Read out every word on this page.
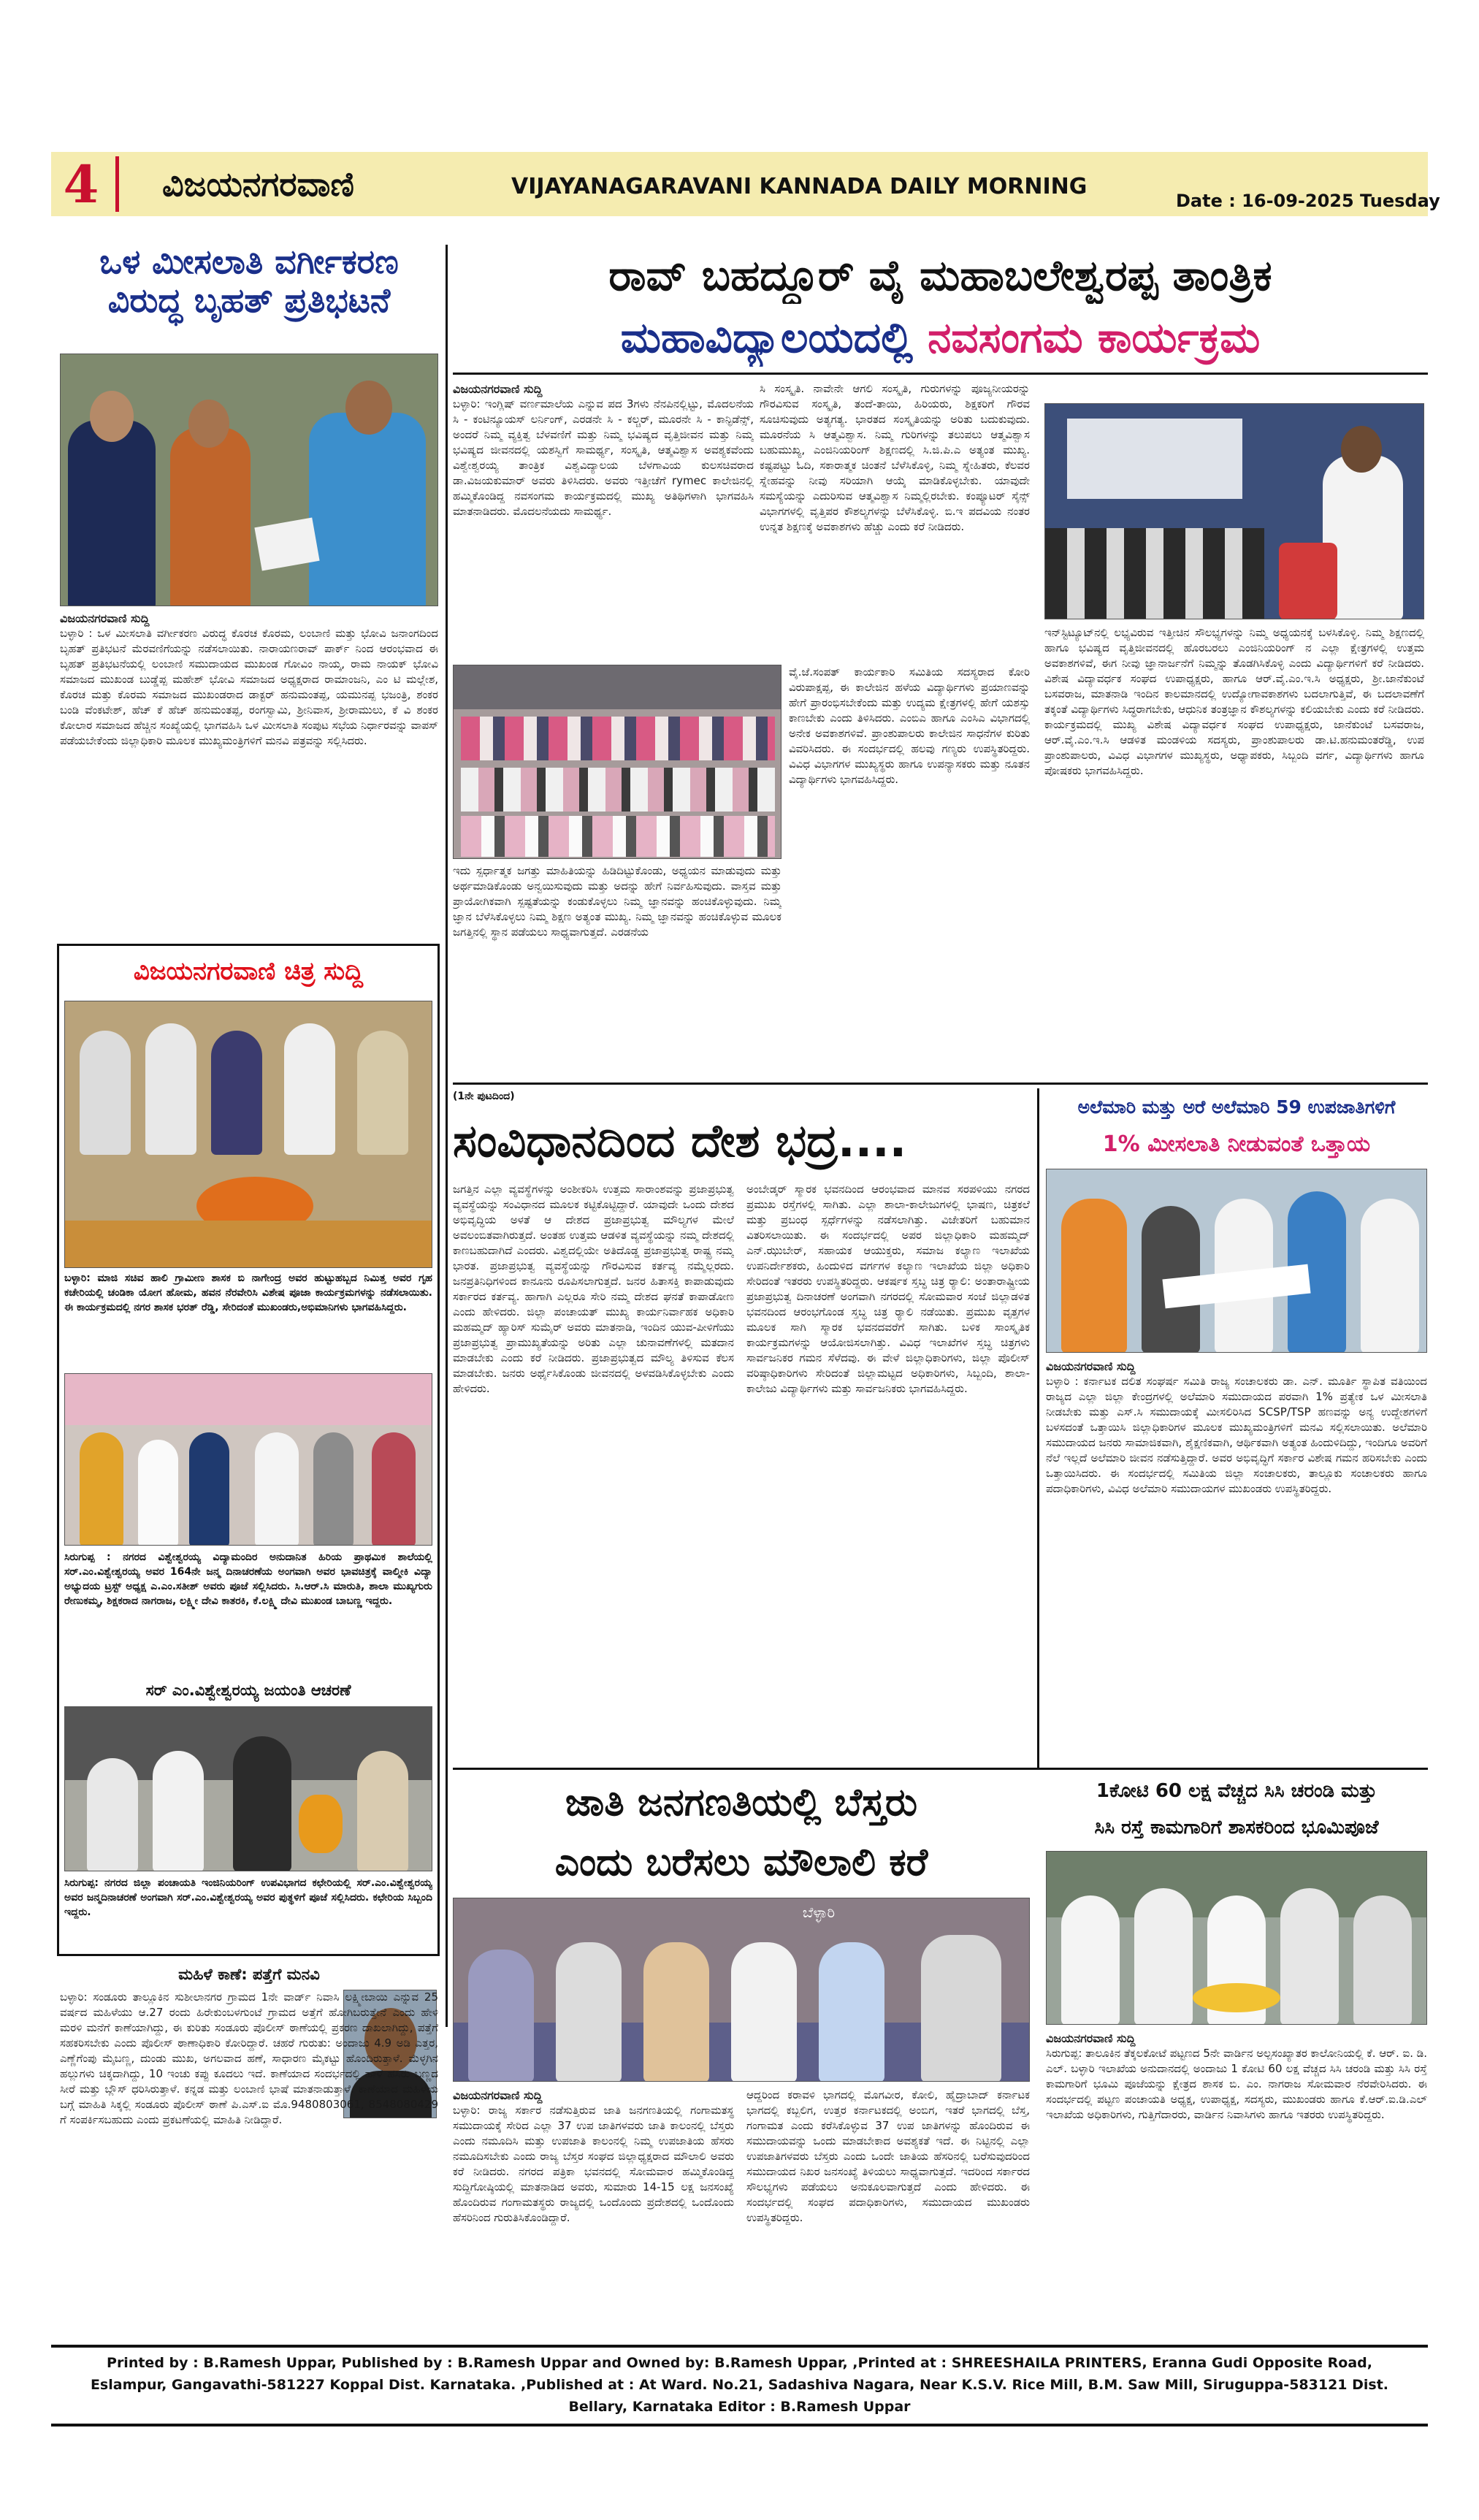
4 ವಿಜಯನಗರವಾಣಿ	VIJAYANAGARAVANI KANNADA DAILY MORNING
Date : 16-09-2025 Tuesday
ಒಳ ಮೀಸಲಾತಿ ವರ್ಗೀಕರಣ ವಿರುದ್ಧ ಬೃಹತ್ ಪ್ರತಿಭಟನೆ
ವಿಜಯನಗರವಾಣಿ ಸುದ್ದಿ

ಬಳ್ಳಾರಿ : ಒಳ ಮೀಸಲಾತಿ ವರ್ಗೀಕರಣ ವಿರುದ್ಧ ಕೊರಚ ಕೊರಮ, ಲಂಬಾಣಿ ಮತ್ತು ಭೋವಿ ಜನಾಂಗದಿಂದ ಬೃಹತ್ ಪ್ರತಿಭಟನೆ ಮೆರವಣಿಗೆಯನ್ನು ನಡೆಸಲಾಯಿತು. ನಾರಾಯಣರಾವ್ ಪಾರ್ಕ್ ನಿಂದ ಆರಂಭವಾದ ಈ ಬೃಹತ್ ಪ್ರತಿಭಟನೆಯಲ್ಲಿ ಲಂಬಾಣಿ ಸಮುದಾಯದ ಮುಖಂಡ ಗೋವಿಂ ನಾಯ್ಕ, ರಾಮ ನಾಯಕ್ ಭೋವಿ ಸಮಾಜದ ಮುಖಂಡ ಬುಡ್ಡೆಪ್ಪ ಮಹೇಶ್ ಭೋವಿ ಸಮಾಜದ ಅಧ್ಯಕ್ಷರಾದ ರಾಮಾಂಜನಿ, ಎಂ ಟಿ ಮಲ್ಲೇಶ, ಕೊರಚ ಮತ್ತು ಕೊರಮ ಸಮಾಜದ ಮುಖಂಡರಾದ ಡಾಕ್ಟರ್ ಹನುಮಂತಪ್ಪ, ಯಮುನಪ್ಪ ಭಜಂತ್ರಿ, ಶಂಕರ ಬಂಡಿ ವೆಂಕಟೇಶ್, ಹೆಚ್ ಕೆ ಹೆಚ್ ಹನುಮಂತಪ್ಪ, ರಂಗಸ್ವಾಮಿ, ಶ್ರೀನಿವಾಸ, ಶ್ರೀರಾಮುಲು, ಕೆ ವಿ ಶಂಕರ ಕೋಲಾರ ಸಮಾಜದ ಹೆಚ್ಚಿನ ಸಂಖ್ಯೆಯಲ್ಲಿ ಭಾಗವಹಿಸಿ ಒಳ ಮೀಸಲಾತಿ ಸಂಪುಟ ಸಭೆಯ ನಿರ್ಧಾರವನ್ನು ವಾಪಸ್ ಪಡೆಯಬೇಕೆಂದು ಜಿಲ್ಲಾಧಿಕಾರಿ ಮೂಲಕ ಮುಖ್ಯಮಂತ್ರಿಗಳಿಗೆ ಮನವಿ ಪತ್ರವನ್ನು ಸಲ್ಲಿಸಿದರು.

ವಿಜಯನಗರವಾಣಿ ಚಿತ್ರ ಸುದ್ದಿ
ಬಳ್ಳಾರಿ: ಮಾಜಿ ಸಚಿವ ಹಾಲಿ ಗ್ರಾಮೀಣ ಶಾಸಕ ಬಿ ನಾಗೇಂದ್ರ ಅವರ ಹುಟ್ಟುಹಬ್ಬದ ನಿಮಿತ್ತ ಅವರ ಗೃಹ ಕಚೇರಿಯಲ್ಲಿ ಚಂಡಿಕಾ ಯೋಗ ಹೋಮ, ಹವನ ನೆರವೇರಿಸಿ ವಿಶೇಷ ಪೂಜಾ ಕಾರ್ಯಕ್ರಮಗಳನ್ನು ನಡೆಸಲಾಯಿತು. ಈ ಕಾರ್ಯಕ್ರಮದಲ್ಲಿ ನಗರ ಶಾಸಕ ಭರತ್ ರೆಡ್ಡಿ, ಸೇರಿದಂತೆ ಮುಖಂಡರು,ಅಭಿಮಾನಿಗಳು ಭಾಗವಹಿಸಿದ್ದರು.
ಸಿರುಗುಪ್ಪ : ನಗರದ ವಿಶ್ವೇಶ್ವರಯ್ಯ ವಿದ್ಯಾಮಂದಿರ ಅನುದಾನಿತ ಹಿರಿಯ ಪ್ರಾಥಮಿಕ ಶಾಲೆಯಲ್ಲಿ ಸರ್.ಎಂ.ವಿಶ್ವೇಶ್ವರಯ್ಯ ಅವರ 164ನೇ ಜನ್ಮ ದಿನಾಚರಣೆಯ ಅಂಗವಾಗಿ ಅವರ ಭಾವಚಿತ್ರಕ್ಕೆ ವಾಲ್ಮೀಕಿ ವಿದ್ಯಾ ಅಭ್ಯುದಯ ಟ್ರಸ್ಟ್ ಅಧ್ಯಕ್ಷ ಎ.ಎಂ.ಸತೀಶ್ ಅವರು ಪೂಜೆ ಸಲ್ಲಿಸಿದರು. ಸಿ.ಆರ್.ಸಿ ಮಾರುತಿ, ಶಾಲಾ ಮುಖ್ಯಗುರು ರೇಣುಕಮ್ಮ, ಶಿಕ್ಷಕರಾದ ನಾಗರಾಜ, ಲಕ್ಷ್ಮೀ ದೇವಿ ಕಾತರಕಿ, ಕೆ.ಲಕ್ಷ್ಮಿ ದೇವಿ ಮುಖಂಡ ಬಾಬಣ್ಣ ಇದ್ದರು.
ಸರ್ ಎಂ.ವಿಶ್ವೇಶ್ವರಯ್ಯ ಜಯಂತಿ ಆಚರಣೆ
ಸಿರುಗುಪ್ಪ: ನಗರದ ಜಿಲ್ಲಾ ಪಂಚಾಯತಿ ಇಂಜಿನಿಯರಿಂಗ್ ಉಪವಿಭಾಗದ ಕಛೇರಿಯಲ್ಲಿ ಸರ್.ಎಂ.ವಿಶ್ವೇಶ್ವರಯ್ಯ ಅವರ ಜನ್ಮದಿನಾಚರಣೆ ಅಂಗವಾಗಿ ಸರ್.ಎಂ.ವಿಶ್ವೇಶ್ವರಯ್ಯ ಅವರ ಪುತ್ಥಳಿಗೆ ಪೂಜೆ ಸಲ್ಲಿಸಿದರು. ಕಛೇರಿಯ ಸಿಬ್ಬಂದಿ ಇದ್ದರು.
ಮಹಿಳೆ ಕಾಣೆ: ಪತ್ತೆಗೆ ಮನವಿ
ಬಳ್ಳಾರಿ: ಸಂಡೂರು ತಾಲ್ಲೂಕಿನ ಸುಶೀಲಾನಗರ ಗ್ರಾಮದ 1ನೇ ವಾರ್ಡ್ ನಿವಾಸಿ ಲಕ್ಷ್ಮೀಬಾಯಿ ಎನ್ನುವ 25 ವರ್ಷದ ಮಹಿಳೆಯು ಆ.27 ರಂದು ಹಿರೇಕುಂಬಳಗುಂಟೆ ಗ್ರಾಮದ ಅತ್ತೆಗೆ ಹೋಗಿಬರುತ್ತೇನೆ ಎಂದು ಹೇಳಿ ಮರಳಿ ಮನೆಗೆ ಕಾಣೆಯಾಗಿದ್ದು, ಈ ಕುರಿತು ಸಂಡೂರು ಪೊಲೀಸ್ ಠಾಣೆಯಲ್ಲಿ ಪ್ರಕರಣ ದಾಖಲಾಗಿದ್ದು, ಪತ್ತೆಗೆ ಸಹಕರಿಸಬೇಕು ಎಂದು ಪೊಲೀಸ್ ಠಾಣಾಧಿಕಾರಿ ಕೋರಿದ್ದಾರೆ. ಚಹರೆ ಗುರುತು: ಅಂದಾಜು 4.9 ಅಡಿ ಎತ್ತರ, ಎಣ್ಣೆಗೆಂಪು ಮೈಬಣ್ಣ, ದುಂಡು ಮುಖ, ಅಗಲವಾದ ಹಣೆ, ಸಾಧಾರಣ ಮೈಕಟ್ಟು ಹೊಂದಿರುತ್ತಾಳೆ. ಮೆಳ್ಳಗಿನ ಹಲ್ಲುಗಳು ಚಿಕ್ಕದಾಗಿದ್ದು, 10 ಇಂಚು ಕಪ್ಪು ಕೂದಲು ಇದೆ. ಕಾಣೆಯಾದ ಸಂದರ್ಭದಲ್ಲಿ ಹಾಳೆ ಹಸಿರು ಬಣ್ಣದ ಸೀರೆ ಮತ್ತು ಬ್ಲೌಸ್ ಧರಿಸಿರುತ್ತಾಳೆ. ಕನ್ನಡ ಮತ್ತು ಲಂಬಾಣಿ ಭಾಷೆ ಮಾತನಾಡುತ್ತಾಳೆ. ಕಾಣೆಯಾದ ಮಹಿಳೆಯ ಬಗ್ಗೆ ಮಾಹಿತಿ ಸಿಕ್ಕಲ್ಲಿ ಸಂಡೂರು ಪೊಲೀಸ್ ಠಾಣೆ ಪಿ.ಎಸ್.ಐ ಮೊ.9480803061, 8548080429 ಗೆ ಸಂಪರ್ಕಿಸಬಹುದು ಎಂದು ಪ್ರಕಟಣೆಯಲ್ಲಿ ಮಾಹಿತಿ ನೀಡಿದ್ದಾರೆ.
ರಾವ್ ಬಹದ್ದೂರ್ ವೈ ಮಹಾಬಲೇಶ್ವರಪ್ಪ ತಾಂತ್ರಿಕ
ಮಹಾವಿದ್ಯಾಲಯದಲ್ಲಿ ನವಸಂಗಮ ಕಾರ್ಯಕ್ರಮ
ವಿಜಯನಗರವಾಣಿ ಸುದ್ದಿ

ಬಳ್ಳಾರಿ: ಇಂಗ್ಲಿಷ್ ವರ್ಣಮಾಲೆಯ ಎನ್ನುವ ಪದ 3ಗಳು ನೆನಪಿನಲ್ಲಿಟ್ಟು, ಮೊದಲನೆಯ ಸಿ - ಕಂಟಿನ್ಯೂಯಸ್ ಲರ್ನಿಂಗ್, ಎರಡನೇ ಸಿ - ಕಲ್ಚರ್, ಮೂರನೇ ಸಿ - ಕಾನ್ಫಿಡೆನ್ಸ್, ಅಂದರೆ ನಿಮ್ಮ ವ್ಯಕ್ತಿತ್ವ ಬೆಳವಣಿಗೆ ಮತ್ತು ನಿಮ್ಮ ಭವಿಷ್ಯದ ವೃತ್ತಿಜೀವನ ಮತ್ತು ನಿಮ್ಮ ಭವಿಷ್ಯದ ಜೀವನದಲ್ಲಿ ಯಶಸ್ವಿಗೆ ಸಾಮರ್ಥ್ಯ, ಸಂಸ್ಕೃತಿ, ಆತ್ಮವಿಶ್ವಾಸ ಅವಶ್ಯಕವೆಂದು ವಿಶ್ವೇಶ್ವರಯ್ಯ ತಾಂತ್ರಿಕ ವಿಶ್ವವಿದ್ಯಾಲಯ ಬೆಳಗಾವಿಯ ಕುಲಸಚಿವರಾದ ಡಾ.ವಿಜಯಕುಮಾರ್ ಅವರು ತಿಳಿಸಿದರು. ಅವರು ಇತ್ತೀಚೆಗೆ rymec ಕಾಲೇಜಿನಲ್ಲಿ ಹಮ್ಮಿಕೊಂಡಿದ್ದ ನವಸಂಗಮ ಕಾರ್ಯಕ್ರಮದಲ್ಲಿ ಮುಖ್ಯ ಅತಿಥಿಗಳಾಗಿ ಭಾಗವಹಿಸಿ ಮಾತನಾಡಿದರು. ಮೊದಲನೆಯದು ಸಾಮರ್ಥ್ಯ.

ಇದು ಸ್ಪರ್ಧಾತ್ಮಕ ಜಗತ್ತು ಮಾಹಿತಿಯನ್ನು ಹಿಡಿದಿಟ್ಟುಕೊಂಡು, ಅಧ್ಯಯನ ಮಾಡುವುದು ಮತ್ತು ಅರ್ಥಮಾಡಿಕೊಂಡು ಅನ್ವಯಿಸುವುದು ಮತ್ತು ಅದನ್ನು ಹೇಗೆ ನಿರ್ವಹಿಸುವುದು. ವಾಸ್ತವ ಮತ್ತು ಪ್ರಾಯೋಗಿಕವಾಗಿ ಸ್ಪಷ್ಟತೆಯನ್ನು ಕಂಡುಕೊಳ್ಳಲು ನಿಮ್ಮ ಜ್ಞಾನವನ್ನು ಹಂಚಿಕೊಳ್ಳುವುದು. ನಿಮ್ಮ ಜ್ಞಾನ ಬೆಳೆಸಿಕೊಳ್ಳಲು ನಿಮ್ಮ ಶಿಕ್ಷಣ ಅತ್ಯಂತ ಮುಖ್ಯ. ನಿಮ್ಮ ಜ್ಞಾನವನ್ನು ಹಂಚಿಕೊಳ್ಳುವ ಮೂಲಕ ಜಗತ್ತಿನಲ್ಲಿ ಸ್ಥಾನ ಪಡೆಯಲು ಸಾಧ್ಯವಾಗುತ್ತದೆ. ಎರಡನೆಯ
ಸಿ ಸಂಸ್ಕೃತಿ. ನಾವೇನೇ ಆಗಲಿ ಸಂಸ್ಕೃತಿ, ಗುರುಗಳನ್ನು ಪೂಜ್ಯನೀಯರನ್ನು ಗೌರವಿಸುವ ಸಂಸ್ಕೃತಿ, ತಂದೆ-ತಾಯಿ, ಹಿರಿಯರು, ಶಿಕ್ಷಕರಿಗೆ ಗೌರವ ಸೂಚಿಸುವುದು ಅತ್ಯಗತ್ಯ. ಭಾರತದ ಸಂಸ್ಕೃತಿಯನ್ನು ಅರಿತು ಬದುಕುವುದು. ಮೂರನೆಯ ಸಿ ಆತ್ಮವಿಶ್ವಾಸ. ನಿಮ್ಮ ಗುರಿಗಳನ್ನು ತಲುಪಲು ಆತ್ಮವಿಶ್ವಾಸ ಬಹುಮುಖ್ಯ, ಎಂಜಿನಿಯರಿಂಗ್ ಶಿಕ್ಷಣದಲ್ಲಿ ಸಿ.ಜಿ.ಪಿ.ಎ ಅತ್ಯಂತ ಮುಖ್ಯ. ಕಷ್ಟಪಟ್ಟು ಓದಿ, ಸಕಾರಾತ್ಮಕ ಚಿಂತನೆ ಬೆಳೆಸಿಕೊಳ್ಳಿ, ನಿಮ್ಮ ಸ್ನೇಹಿತರು, ಕೆಲವರ ಸ್ನೇಹವನ್ನು ನೀವು ಸರಿಯಾಗಿ ಆಯ್ಕೆ ಮಾಡಿಕೊಳ್ಳಬೇಕು. ಯಾವುದೇ ಸಮಸ್ಯೆಯನ್ನು ಎದುರಿಸುವ ಆತ್ಮವಿಶ್ವಾಸ ನಿಮ್ಮಲ್ಲಿರಬೇಕು. ಕಂಪ್ಯೂಟರ್ ಸೈನ್ಸ್ ವಿಭಾಗಗಳಲ್ಲಿ ವೃತ್ತಿಪರ ಕೌಶಲ್ಯಗಳನ್ನು ಬೆಳೆಸಿಕೊಳ್ಳಿ. ಬಿ.ಇ ಪದವಿಯ ನಂತರ ಉನ್ನತ ಶಿಕ್ಷಣಕ್ಕೆ ಅವಕಾಶಗಳು ಹೆಚ್ಚು ಎಂದು ಕರೆ ನೀಡಿದರು.
ವೈ.ಜೆ.ಸಂಪತ್ ಕಾರ್ಯಕಾರಿ ಸಮಿತಿಯ ಸದಸ್ಯರಾದ ಕೋರಿ ವಿರುಪಾಕ್ಷಪ್ಪ, ಈ ಕಾಲೇಜಿನ ಹಳೆಯ ವಿದ್ಯಾರ್ಥಿಗಳು ಪ್ರಯಾಣವನ್ನು ಹೇಗೆ ಪ್ರಾರಂಭಿಸಬೇಕೆಂದು ಮತ್ತು ಉದ್ಯಮ ಕ್ಷೇತ್ರಗಳಲ್ಲಿ ಹೇಗೆ ಯಶಸ್ಸು ಕಾಣಬೇಕು ಎಂದು ತಿಳಿಸಿದರು. ಎಂಬಿಎ ಹಾಗೂ ಎಂಸಿಎ ವಿಭಾಗದಲ್ಲಿ ಅನೇಕ ಅವಕಾಶಗಳಿವೆ. ಪ್ರಾಂಶುಪಾಲರು ಕಾಲೇಜಿನ ಸಾಧನೆಗಳ ಕುರಿತು ವಿವರಿಸಿದರು. ಈ ಸಂದರ್ಭದಲ್ಲಿ ಹಲವು ಗಣ್ಯರು ಉಪಸ್ಥಿತರಿದ್ದರು. ವಿವಿಧ ವಿಭಾಗಗಳ ಮುಖ್ಯಸ್ಥರು ಹಾಗೂ ಉಪನ್ಯಾಸಕರು ಮತ್ತು ನೂತನ ವಿದ್ಯಾರ್ಥಿಗಳು ಭಾಗವಹಿಸಿದ್ದರು.
ಇನ್‌ಸ್ಟಿಟ್ಯೂಟ್‌ನಲ್ಲಿ ಲಭ್ಯವಿರುವ ಇತ್ತೀಚಿನ ಸೌಲಭ್ಯಗಳನ್ನು ನಿಮ್ಮ ಅಧ್ಯಯನಕ್ಕೆ ಬಳಸಿಕೊಳ್ಳಿ. ನಿಮ್ಮ ಶಿಕ್ಷಣದಲ್ಲಿ ಹಾಗೂ ಭವಿಷ್ಯದ ವೃತ್ತಿಜೀವನದಲ್ಲಿ ಹೊರಬರಲು ಎಂಜಿನಿಯರಿಂಗ್ ನ ಎಲ್ಲಾ ಕ್ಷೇತ್ರಗಳಲ್ಲಿ ಉತ್ತಮ ಅವಕಾಶಗಳಿವೆ, ಈಗ ನೀವು ಜ್ಞಾನಾರ್ಜನೆಗೆ ನಿಮ್ಮನ್ನು ತೊಡಗಿಸಿಕೊಳ್ಳಿ ಎಂದು ವಿದ್ಯಾರ್ಥಿಗಳಿಗೆ ಕರೆ ನೀಡಿದರು. ವಿಶೇಷ ವಿದ್ಯಾವರ್ಧಕ ಸಂಘದ ಉಪಾಧ್ಯಕ್ಷರು, ಹಾಗೂ ಆರ್.ವೈ.ಎಂ.ಇ.ಸಿ ಅಧ್ಯಕ್ಷರು, ಶ್ರೀ.ಜಾನೆಕುಂಟೆ ಬಸವರಾಜ, ಮಾತನಾಡಿ ಇಂದಿನ ಕಾಲಮಾನದಲ್ಲಿ ಉದ್ಯೋಗಾವಕಾಶಗಳು ಬದಲಾಗುತ್ತಿವೆ, ಈ ಬದಲಾವಣೆಗೆ ತಕ್ಕಂತೆ ವಿದ್ಯಾರ್ಥಿಗಳು ಸಿದ್ಧರಾಗಬೇಕು, ಆಧುನಿಕ ತಂತ್ರಜ್ಞಾನ ಕೌಶಲ್ಯಗಳನ್ನು ಕಲಿಯಬೇಕು ಎಂದು ಕರೆ ನೀಡಿದರು. ಕಾರ್ಯಕ್ರಮದಲ್ಲಿ ಮುಖ್ಯ ವಿಶೇಷ ವಿದ್ಯಾವರ್ಧಕ ಸಂಘದ ಉಪಾಧ್ಯಕ್ಷರು, ಜಾನೆಕುಂಟೆ ಬಸವರಾಜ, ಆರ್.ವೈ.ಎಂ.ಇ.ಸಿ ಆಡಳಿತ ಮಂಡಳಿಯ ಸದಸ್ಯರು, ಪ್ರಾಂಶುಪಾಲರು ಡಾ.ಟಿ.ಹನುಮಂತರೆಡ್ಡಿ, ಉಪ ಪ್ರಾಂಶುಪಾಲರು, ವಿವಿಧ ವಿಭಾಗಗಳ ಮುಖ್ಯಸ್ಥರು, ಅಧ್ಯಾಪಕರು, ಸಿಬ್ಬಂದಿ ವರ್ಗ, ವಿದ್ಯಾರ್ಥಿಗಳು ಹಾಗೂ ಪೋಷಕರು ಭಾಗವಹಿಸಿದ್ದರು.
(1ನೇ ಪುಟದಿಂದ)
ಸಂವಿಧಾನದಿಂದ ದೇಶ ಭದ್ರ....
ಜಗತ್ತಿನ ಎಲ್ಲಾ ವ್ಯವಸ್ಥೆಗಳನ್ನು ಅಂಶೀಕರಿಸಿ ಉತ್ತಮ ಸಾರಾಂಶವನ್ನು ಪ್ರಜಾಪ್ರಭುತ್ವ ವ್ಯವಸ್ಥೆಯನ್ನು ಸಂವಿಧಾನದ ಮೂಲಕ ಕಟ್ಟಿಕೊಟ್ಟಿದ್ದಾರೆ. ಯಾವುದೇ ಒಂದು ದೇಶದ ಅಭಿವೃದ್ಧಿಯ ಅಳತೆ ಆ ದೇಶದ ಪ್ರಜಾಪ್ರಭುತ್ವ ಮೌಲ್ಯಗಳ ಮೇಲೆ ಅವಲಂಬಿತವಾಗಿರುತ್ತದೆ. ಅಂತಹ ಉತ್ತಮ ಆಡಳಿತ ವ್ಯವಸ್ಥೆಯನ್ನು ನಮ್ಮ ದೇಶದಲ್ಲಿ ಕಾಣಬಹುದಾಗಿದೆ ಎಂದರು. ವಿಶ್ವದಲ್ಲಿಯೇ ಅತಿದೊಡ್ಡ ಪ್ರಜಾಪ್ರಭುತ್ವ ರಾಷ್ಟ್ರ ನಮ್ಮ ಭಾರತ. ಪ್ರಜಾಪ್ರಭುತ್ವ ವ್ಯವಸ್ಥೆಯನ್ನು ಗೌರವಿಸುವ ಕರ್ತವ್ಯ ನಮ್ಮೆಲ್ಲರದು. ಜನಪ್ರತಿನಿಧಿಗಳಿಂದ ಕಾನೂನು ರೂಪಿಸಲಾಗುತ್ತದೆ. ಜನರ ಹಿತಾಸಕ್ತಿ ಕಾಪಾಡುವುದು ಸರ್ಕಾರದ ಕರ್ತವ್ಯ. ಹಾಗಾಗಿ ಎಲ್ಲರೂ ಸೇರಿ ನಮ್ಮ ದೇಶದ ಘನತೆ ಕಾಪಾಡೋಣ ಎಂದು ಹೇಳಿದರು. ಜಿಲ್ಲಾ ಪಂಚಾಯತ್ ಮುಖ್ಯ ಕಾರ್ಯನಿರ್ವಾಹಕ ಅಧಿಕಾರಿ ಮಹಮ್ಮದ್ ಹ್ಯಾರಿಸ್ ಸುಮೈರ್ ಅವರು ಮಾತನಾಡಿ, ಇಂದಿನ ಯುವ-ಪೀಳಿಗೆಯು ಪ್ರಜಾಪ್ರಭುತ್ವ ಪ್ರಾಮುಖ್ಯತೆಯನ್ನು ಅರಿತು ಎಲ್ಲಾ ಚುನಾವಣೆಗಳಲ್ಲಿ ಮತದಾನ ಮಾಡಬೇಕು ಎಂದು ಕರೆ ನೀಡಿದರು. ಪ್ರಜಾಪ್ರಭುತ್ವದ ಮೌಲ್ಯ ತಿಳಿಸುವ ಕೆಲಸ ಮಾಡಬೇಕು. ಜನರು ಅರ್ಥೈಸಿಕೊಂಡು ಜೀವನದಲ್ಲಿ ಅಳವಡಿಸಿಕೊಳ್ಳಬೇಕು ಎಂದು ಹೇಳಿದರು.
ಅಂಬೇಡ್ಕರ್ ಸ್ಮಾರಕ ಭವನದಿಂದ ಆರಂಭವಾದ ಮಾನವ ಸರಪಳಿಯು ನಗರದ ಪ್ರಮುಖ ರಸ್ತೆಗಳಲ್ಲಿ ಸಾಗಿತು. ಎಲ್ಲಾ ಶಾಲಾ-ಕಾಲೇಜುಗಳಲ್ಲಿ ಭಾಷಣ, ಚಿತ್ರಕಲೆ ಮತ್ತು ಪ್ರಬಂಧ ಸ್ಪರ್ಧೆಗಳನ್ನು ನಡೆಸಲಾಗಿತ್ತು. ವಿಜೇತರಿಗೆ ಬಹುಮಾನ ವಿತರಿಸಲಾಯಿತು. ಈ ಸಂದರ್ಭದಲ್ಲಿ ಅಪರ ಜಿಲ್ಲಾಧಿಕಾರಿ ಮಹಮ್ಮದ್ ಎನ್.ಝುಬೇರ್, ಸಹಾಯಕ ಆಯುಕ್ತರು, ಸಮಾಜ ಕಲ್ಯಾಣ ಇಲಾಖೆಯ ಉಪನಿರ್ದೇಶಕರು, ಹಿಂದುಳಿದ ವರ್ಗಗಳ ಕಲ್ಯಾಣ ಇಲಾಖೆಯ ಜಿಲ್ಲಾ ಅಧಿಕಾರಿ ಸೇರಿದಂತೆ ಇತರರು ಉಪಸ್ಥಿತರಿದ್ದರು. ಆಕರ್ಷಕ ಸ್ತಬ್ಧ ಚಿತ್ರ ರ‍್ಯಾಲಿ: ಅಂತಾರಾಷ್ಟ್ರೀಯ ಪ್ರಜಾಪ್ರಭುತ್ವ ದಿನಾಚರಣೆ ಅಂಗವಾಗಿ ನಗರದಲ್ಲಿ ಸೋಮವಾರ ಸಂಜೆ ಜಿಲ್ಲಾಡಳಿತ ಭವನದಿಂದ ಆರಂಭಗೊಂಡ ಸ್ತಬ್ಧ ಚಿತ್ರ ರ‍್ಯಾಲಿ ನಡೆಯಿತು. ಪ್ರಮುಖ ವೃತ್ತಗಳ ಮೂಲಕ ಸಾಗಿ ಸ್ಮಾರಕ ಭವನದವರೆಗೆ ಸಾಗಿತು. ಬಳಿಕ ಸಾಂಸ್ಕೃತಿಕ ಕಾರ್ಯಕ್ರಮಗಳನ್ನು ಆಯೋಜಿಸಲಾಗಿತ್ತು. ವಿವಿಧ ಇಲಾಖೆಗಳ ಸ್ತಬ್ಧ ಚಿತ್ರಗಳು ಸಾರ್ವಜನಿಕರ ಗಮನ ಸೆಳೆದವು. ಈ ವೇಳೆ ಜಿಲ್ಲಾಧಿಕಾರಿಗಳು, ಜಿಲ್ಲಾ ಪೊಲೀಸ್ ವರಿಷ್ಠಾಧಿಕಾರಿಗಳು ಸೇರಿದಂತೆ ಜಿಲ್ಲಾಮಟ್ಟದ ಅಧಿಕಾರಿಗಳು, ಸಿಬ್ಬಂದಿ, ಶಾಲಾ-ಕಾಲೇಜು ವಿದ್ಯಾರ್ಥಿಗಳು ಮತ್ತು ಸಾರ್ವಜನಿಕರು ಭಾಗವಹಿಸಿದ್ದರು.
ಅಲೆಮಾರಿ ಮತ್ತು ಅರೆ ಅಲೆಮಾರಿ 59 ಉಪಜಾತಿಗಳಿಗೆ
1% ಮೀಸಲಾತಿ ನೀಡುವಂತೆ ಒತ್ತಾಯ
ವಿಜಯನಗರವಾಣಿ ಸುದ್ದಿ

ಬಳ್ಳಾರಿ : ಕರ್ನಾಟಕ ದಲಿತ ಸಂಘರ್ಷ ಸಮಿತಿ ರಾಜ್ಯ ಸಂಚಾಲಕರು ಡಾ. ಎನ್. ಮೂರ್ತಿ ಸ್ಥಾಪಿತ ವತಿಯಿಂದ ರಾಜ್ಯದ ಎಲ್ಲಾ ಜಿಲ್ಲಾ ಕೇಂದ್ರಗಳಲ್ಲಿ ಅಲೆಮಾರಿ ಸಮುದಾಯದ ಪರವಾಗಿ 1% ಪ್ರತ್ಯೇಕ ಒಳ ಮೀಸಲಾತಿ ನೀಡಬೇಕು ಮತ್ತು ಎಸ್.ಸಿ ಸಮುದಾಯಕ್ಕೆ ಮೀಸಲಿರಿಸಿದ SCSP/TSP ಹಣವನ್ನು ಅನ್ಯ ಉದ್ದೇಶಗಳಿಗೆ ಬಳಸದಂತೆ ಒತ್ತಾಯಿಸಿ ಜಿಲ್ಲಾಧಿಕಾರಿಗಳ ಮೂಲಕ ಮುಖ್ಯಮಂತ್ರಿಗಳಿಗೆ ಮನವಿ ಸಲ್ಲಿಸಲಾಯಿತು. ಅಲೆಮಾರಿ ಸಮುದಾಯದ ಜನರು ಸಾಮಾಜಿಕವಾಗಿ, ಶೈಕ್ಷಣಿಕವಾಗಿ, ಆರ್ಥಿಕವಾಗಿ ಅತ್ಯಂತ ಹಿಂದುಳಿದಿದ್ದು, ಇಂದಿಗೂ ಅವರಿಗೆ ನೆಲೆ ಇಲ್ಲದೆ ಅಲೆಮಾರಿ ಜೀವನ ನಡೆಸುತ್ತಿದ್ದಾರೆ. ಅವರ ಅಭಿವೃದ್ಧಿಗೆ ಸರ್ಕಾರ ವಿಶೇಷ ಗಮನ ಹರಿಸಬೇಕು ಎಂದು ಒತ್ತಾಯಿಸಿದರು. ಈ ಸಂದರ್ಭದಲ್ಲಿ ಸಮಿತಿಯ ಜಿಲ್ಲಾ ಸಂಚಾಲಕರು, ತಾಲ್ಲೂಕು ಸಂಚಾಲಕರು ಹಾಗೂ ಪದಾಧಿಕಾರಿಗಳು, ವಿವಿಧ ಅಲೆಮಾರಿ ಸಮುದಾಯಗಳ ಮುಖಂಡರು ಉಪಸ್ಥಿತರಿದ್ದರು.

ಜಾತಿ ಜನಗಣತಿಯಲ್ಲಿ ಬೆಸ್ತರು
ಎಂದು ಬರೆಸಲು ಮೌಲಾಲಿ ಕರೆ
ಬೆಳ್ಳಾರಿ
ವಿಜಯನಗರವಾಣಿ ಸುದ್ದಿ

ಬಳ್ಳಾರಿ: ರಾಜ್ಯ ಸರ್ಕಾರ ನಡೆಸುತ್ತಿರುವ ಜಾತಿ ಜನಗಣತಿಯಲ್ಲಿ ಗಂಗಾಮತಸ್ಥ ಸಮುದಾಯಕ್ಕೆ ಸೇರಿದ ಎಲ್ಲಾ 37 ಉಪ ಜಾತಿಗಳವರು ಜಾತಿ ಕಾಲಂನಲ್ಲಿ ಬೆಸ್ತರು ಎಂದು ನಮೂದಿಸಿ ಮತ್ತು ಉಪಜಾತಿ ಕಾಲಂನಲ್ಲಿ ನಿಮ್ಮ ಉಪಜಾತಿಯ ಹೆಸರು ನಮೂದಿಸಬೇಕು ಎಂದು ರಾಜ್ಯ ಬೆಸ್ತರ ಸಂಘದ ಜಿಲ್ಲಾಧ್ಯಕ್ಷರಾದ ಮೌಲಾಲಿ ಅವರು ಕರೆ ನೀಡಿದರು. ನಗರದ ಪತ್ರಿಕಾ ಭವನದಲ್ಲಿ ಸೋಮವಾರ ಹಮ್ಮಿಕೊಂಡಿದ್ದ ಸುದ್ದಿಗೋಷ್ಠಿಯಲ್ಲಿ ಮಾತನಾಡಿದ ಅವರು, ಸುಮಾರು 14-15 ಲಕ್ಷ ಜನಸಂಖ್ಯೆ ಹೊಂದಿರುವ ಗಂಗಾಮತಸ್ಥರು ರಾಜ್ಯದಲ್ಲಿ ಒಂದೊಂದು ಪ್ರದೇಶದಲ್ಲಿ ಒಂದೊಂದು ಹೆಸರಿನಿಂದ ಗುರುತಿಸಿಕೊಂಡಿದ್ದಾರೆ.

ಆದ್ದರಿಂದ ಕರಾವಳಿ ಭಾಗದಲ್ಲಿ ಮೊಗವೀರ, ಕೋಲಿ, ಹೈದ್ರಾಬಾದ್ ಕರ್ನಾಟಕ ಭಾಗದಲ್ಲಿ ಕಬ್ಬಲಿಗ, ಉತ್ತರ ಕರ್ನಾಟಕದಲ್ಲಿ ಅಂಬಿಗ, ಇತರೆ ಭಾಗದಲ್ಲಿ ಬೆಸ್ತ, ಗಂಗಾಮತ ಎಂದು ಕರೆಸಿಕೊಳ್ಳುವ 37 ಉಪ ಜಾತಿಗಳನ್ನು ಹೊಂದಿರುವ ಈ ಸಮುದಾಯವನ್ನು ಒಂದು ಮಾಡಬೇಕಾದ ಅವಶ್ಯಕತೆ ಇದೆ. ಈ ನಿಟ್ಟಿನಲ್ಲಿ ಎಲ್ಲಾ ಉಪಜಾತಿಗಳವರು ಬೆಸ್ತರು ಎಂದು ಒಂದೇ ಜಾತಿಯ ಹೆಸರಿನಲ್ಲಿ ಬರೆಸುವುದರಿಂದ ಸಮುದಾಯದ ನಿಖರ ಜನಸಂಖ್ಯೆ ತಿಳಿಯಲು ಸಾಧ್ಯವಾಗುತ್ತದೆ. ಇದರಿಂದ ಸರ್ಕಾರದ ಸೌಲಭ್ಯಗಳು ಪಡೆಯಲು ಅನುಕೂಲವಾಗುತ್ತದೆ ಎಂದು ಹೇಳಿದರು. ಈ ಸಂದರ್ಭದಲ್ಲಿ ಸಂಘದ ಪದಾಧಿಕಾರಿಗಳು, ಸಮುದಾಯದ ಮುಖಂಡರು ಉಪಸ್ಥಿತರಿದ್ದರು.
1ಕೋಟಿ 60 ಲಕ್ಷ ವೆಚ್ಚದ ಸಿಸಿ ಚರಂಡಿ ಮತ್ತು
ಸಿಸಿ ರಸ್ತೆ ಕಾಮಗಾರಿಗೆ ಶಾಸಕರಿಂದ ಭೂಮಿಪೂಜೆ
ವಿಜಯನಗರವಾಣಿ ಸುದ್ದಿ

ಸಿರುಗುಪ್ಪ: ತಾಲೂಕಿನ ತೆಕ್ಕಲಕೋಟೆ ಪಟ್ಟಣದ 5ನೇ ವಾರ್ಡಿನ ಅಲ್ಪಸಂಖ್ಯಾತರ ಕಾಲೋನಿಯಲ್ಲಿ ಕೆ. ಆರ್. ಐ. ಡಿ. ಎಲ್. ಬಳ್ಳಾರಿ ಇಲಾಖೆಯ ಅನುದಾನದಲ್ಲಿ ಅಂದಾಜು 1 ಕೋಟಿ 60 ಲಕ್ಷ ವೆಚ್ಚದ ಸಿಸಿ ಚರಂಡಿ ಮತ್ತು ಸಿಸಿ ರಸ್ತೆ ಕಾಮಗಾರಿಗೆ ಭೂಮಿ ಪೂಜೆಯನ್ನು ಕ್ಷೇತ್ರದ ಶಾಸಕ ಬಿ. ಎಂ. ನಾಗರಾಜ ಸೋಮವಾರ ನೆರವೇರಿಸಿದರು. ಈ ಸಂದರ್ಭದಲ್ಲಿ ಪಟ್ಟಣ ಪಂಚಾಯತಿ ಅಧ್ಯಕ್ಷ, ಉಪಾಧ್ಯಕ್ಷ, ಸದಸ್ಯರು, ಮುಖಂಡರು ಹಾಗೂ ಕೆ.ಆರ್.ಐ.ಡಿ.ಎಲ್ ಇಲಾಖೆಯ ಅಧಿಕಾರಿಗಳು, ಗುತ್ತಿಗೆದಾರರು, ವಾರ್ಡಿನ ನಿವಾಸಿಗಳು ಹಾಗೂ ಇತರರು ಉಪಸ್ಥಿತರಿದ್ದರು.

Printed by : B.Ramesh Uppar, Published by : B.Ramesh Uppar and Owned by: B.Ramesh Uppar, ,Printed at : SHREESHAILA PRINTERS, Eranna Gudi Opposite Road,
Eslampur, Gangavathi-581227 Koppal Dist. Karnataka. ,Published at : At Ward. No.21, Sadashiva Nagara, Near K.S.V. Rice Mill, B.M. Saw Mill, Siruguppa-583121 Dist.
Bellary, Karnataka Editor : B.Ramesh Uppar
